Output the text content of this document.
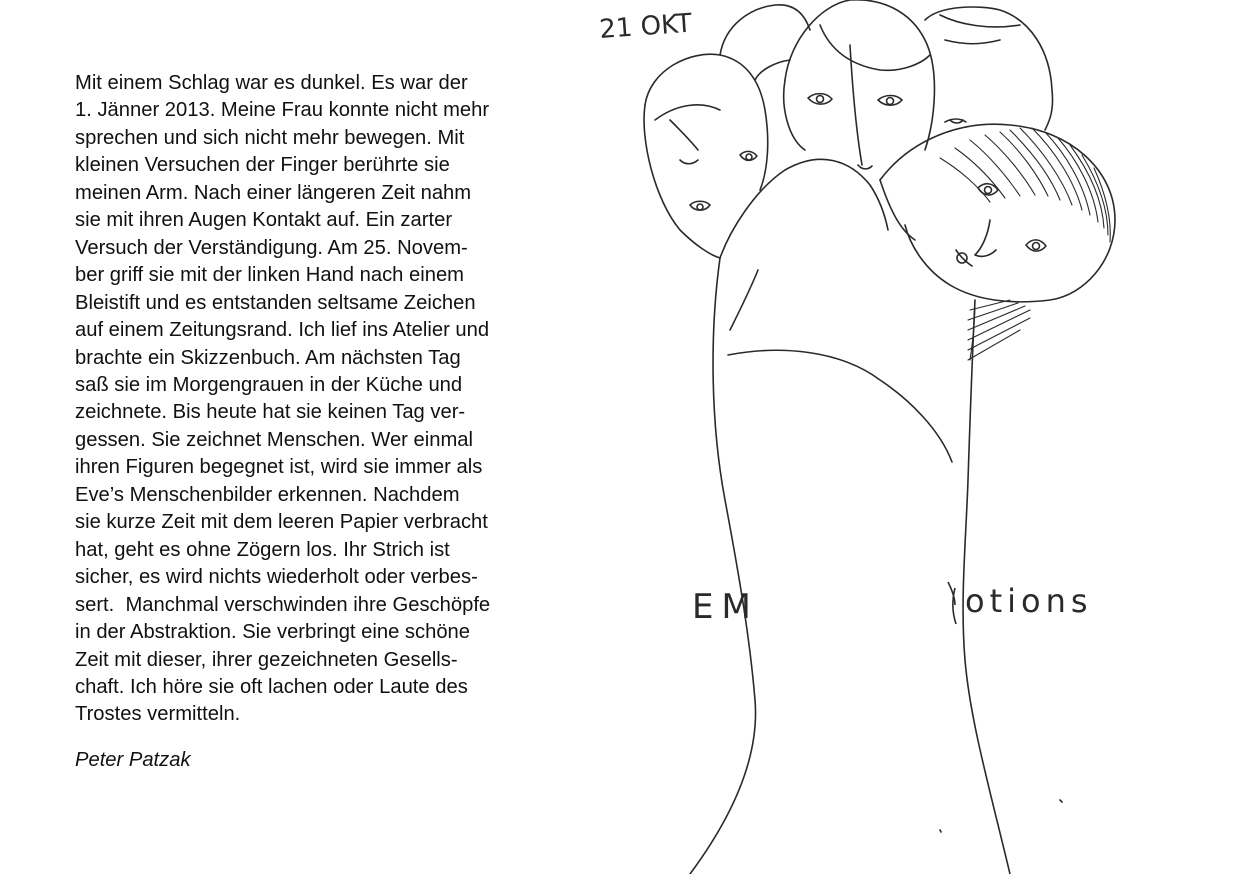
Mit einem Schlag war es dunkel. Es war der
1. Jänner 2013. Meine Frau konnte nicht mehr
sprechen und sich nicht mehr bewegen. Mit
kleinen Versuchen der Finger berührte sie
meinen Arm. Nach einer längeren Zeit nahm
sie mit ihren Augen Kontakt auf. Ein zarter
Versuch der Verständigung. Am 25. Novem-
ber griff sie mit der linken Hand nach einem
Bleistift und es entstanden seltsame Zeichen
auf einem Zeitungsrand. Ich lief ins Atelier und
brachte ein Skizzenbuch. Am nächsten Tag
saß sie im Morgengrauen in der Küche und
zeichnete. Bis heute hat sie keinen Tag ver-
gessen. Sie zeichnet Menschen. Wer einmal
ihren Figuren begegnet ist, wird sie immer als
Eve’s Menschenbilder erkennen. Nachdem
sie kurze Zeit mit dem leeren Papier verbracht
hat, geht es ohne Zögern los. Ihr Strich ist
sicher, es wird nichts wiederholt oder verbes-
sert.  Manchmal verschwinden ihre Geschöpfe
in der Abstraktion. Sie verbringt eine schöne
Zeit mit dieser, ihrer gezeichneten Gesells-
chaft. Ich höre sie oft lachen oder Laute des
Trostes vermitteln.
Peter Patzak
21 OKT
EM	otions
